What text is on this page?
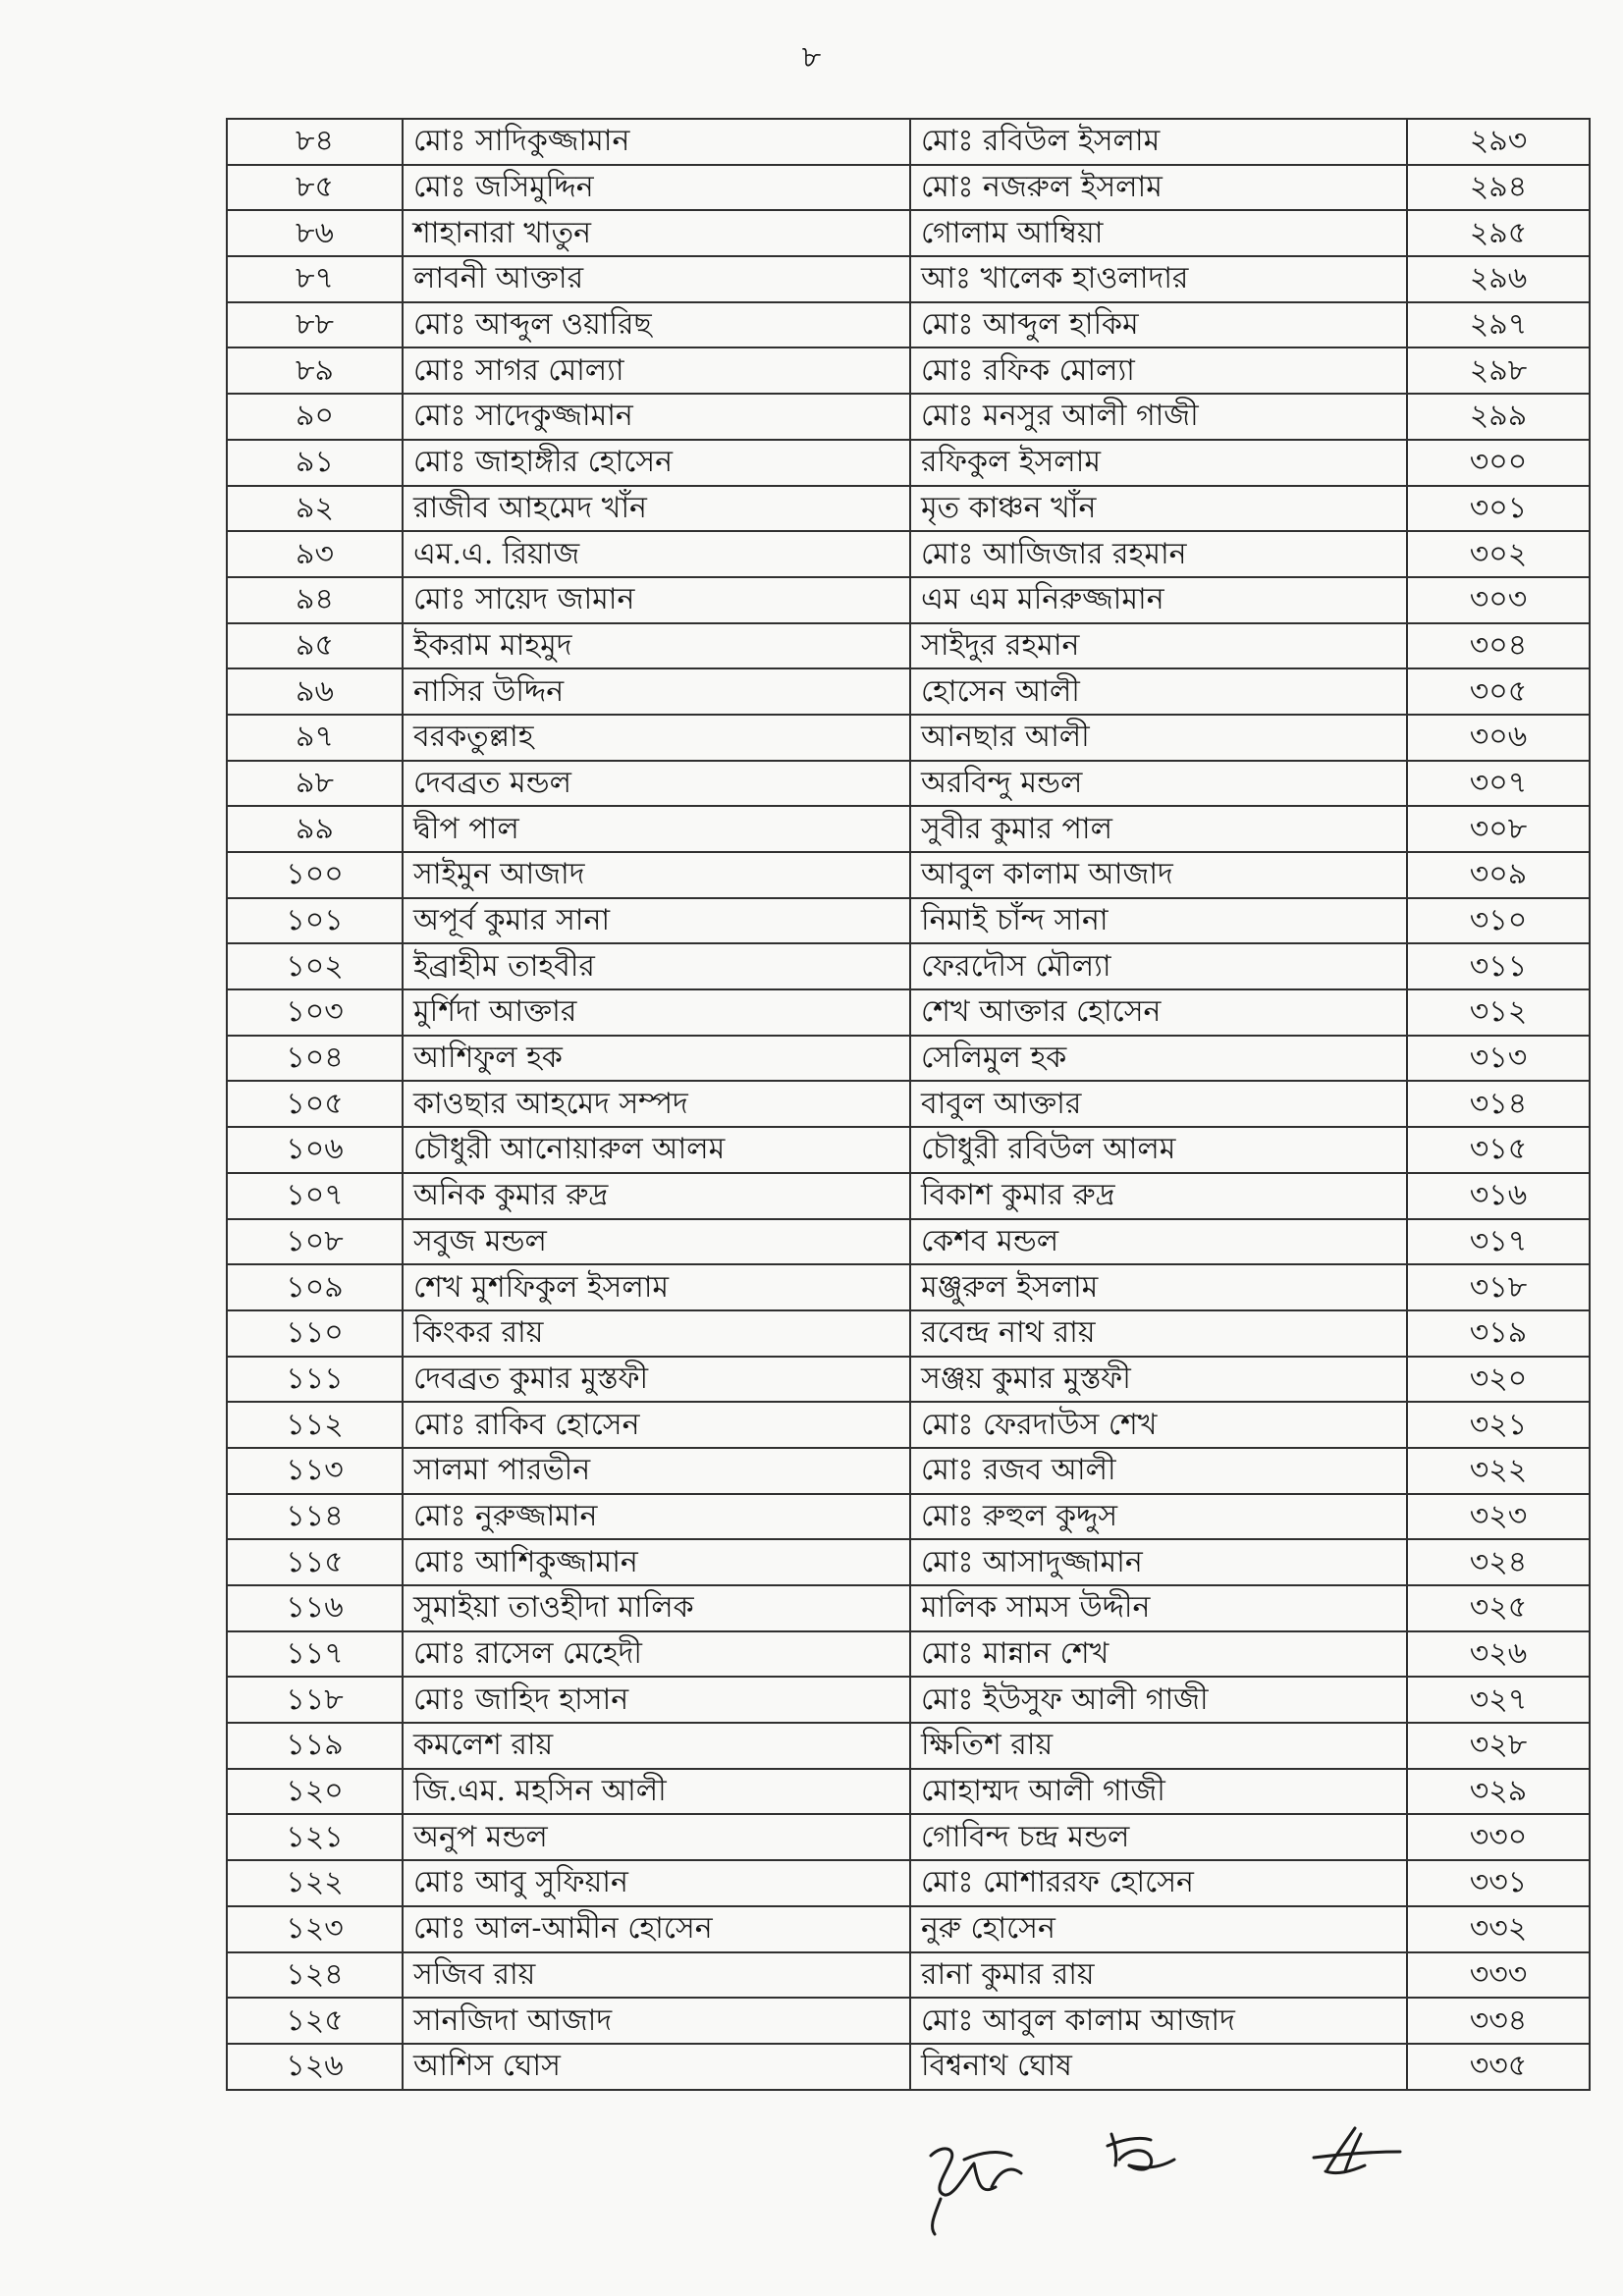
৮
৮৪	মোঃ সাদিকুজ্জামান	মোঃ রবিউল ইসলাম	২৯৩
৮৫	মোঃ জসিমুদ্দিন	মোঃ নজরুল ইসলাম	২৯৪
৮৬	শাহানারা খাতুন	গোলাম আম্বিয়া	২৯৫
৮৭	লাবনী আক্তার	আঃ খালেক হাওলাদার	২৯৬
৮৮	মোঃ আব্দুল ওয়ারিছ	মোঃ আব্দুল হাকিম	২৯৭
৮৯	মোঃ সাগর মোল্যা	মোঃ রফিক মোল্যা	২৯৮
৯০	মোঃ সাদেকুজ্জামান	মোঃ মনসুর আলী গাজী	২৯৯
৯১	মোঃ জাহাঙ্গীর হোসেন	রফিকুল ইসলাম	৩০০
৯২	রাজীব আহমেদ খাঁন	মৃত কাঞ্চন খাঁন	৩০১
৯৩	এম.এ. রিয়াজ	মোঃ আজিজার রহমান	৩০২
৯৪	মোঃ সায়েদ জামান	এম এম মনিরুজ্জামান	৩০৩
৯৫	ইকরাম মাহমুদ	সাইদুর রহমান	৩০৪
৯৬	নাসির উদ্দিন	হোসেন আলী	৩০৫
৯৭	বরকতুল্লাহ	আনছার আলী	৩০৬
৯৮	দেবব্রত মন্ডল	অরবিন্দু মন্ডল	৩০৭
৯৯	দ্বীপ পাল	সুবীর কুমার পাল	৩০৮
১০০	সাইমুন আজাদ	আবুল কালাম আজাদ	৩০৯
১০১	অপূর্ব কুমার সানা	নিমাই চাঁন্দ সানা	৩১০
১০২	ইব্রাহীম তাহবীর	ফেরদৌস মৌল্যা	৩১১
১০৩	মুর্শিদা আক্তার	শেখ আক্তার হোসেন	৩১২
১০৪	আশিফুল হক	সেলিমুল হক	৩১৩
১০৫	কাওছার আহমেদ সম্পদ	বাবুল আক্তার	৩১৪
১০৬	চৌধুরী আনোয়ারুল আলম	চৌধুরী রবিউল আলম	৩১৫
১০৭	অনিক কুমার রুদ্র	বিকাশ কুমার রুদ্র	৩১৬
১০৮	সবুজ মন্ডল	কেশব মন্ডল	৩১৭
১০৯	শেখ মুশফিকুল ইসলাম	মঞ্জুরুল ইসলাম	৩১৮
১১০	কিংকর রায়	রবেন্দ্র নাথ রায়	৩১৯
১১১	দেবব্রত কুমার মুস্তফী	সঞ্জয় কুমার মুস্তফী	৩২০
১১২	মোঃ রাকিব হোসেন	মোঃ ফেরদাউস শেখ	৩২১
১১৩	সালমা পারভীন	মোঃ রজব আলী	৩২২
১১৪	মোঃ নুরুজ্জামান	মোঃ রুহুল কুদ্দুস	৩২৩
১১৫	মোঃ আশিকুজ্জামান	মোঃ আসাদুজ্জামান	৩২৪
১১৬	সুমাইয়া তাওহীদা মালিক	মালিক সামস উদ্দীন	৩২৫
১১৭	মোঃ রাসেল মেহেদী	মোঃ মান্নান শেখ	৩২৬
১১৮	মোঃ জাহিদ হাসান	মোঃ ইউসুফ আলী গাজী	৩২৭
১১৯	কমলেশ রায়	ক্ষিতিশ রায়	৩২৮
১২০	জি.এম. মহসিন আলী	মোহাম্মদ আলী গাজী	৩২৯
১২১	অনুপ মন্ডল	গোবিন্দ চন্দ্র মন্ডল	৩৩০
১২২	মোঃ আবু সুফিয়ান	মোঃ মোশাররফ হোসেন	৩৩১
১২৩	মোঃ আল-আমীন হোসেন	নুরু হোসেন	৩৩২
১২৪	সজিব রায়	রানা কুমার রায়	৩৩৩
১২৫	সানজিদা আজাদ	মোঃ আবুল কালাম আজাদ	৩৩৪
১২৬	আশিস ঘোস	বিশ্বনাথ ঘোষ	৩৩৫
